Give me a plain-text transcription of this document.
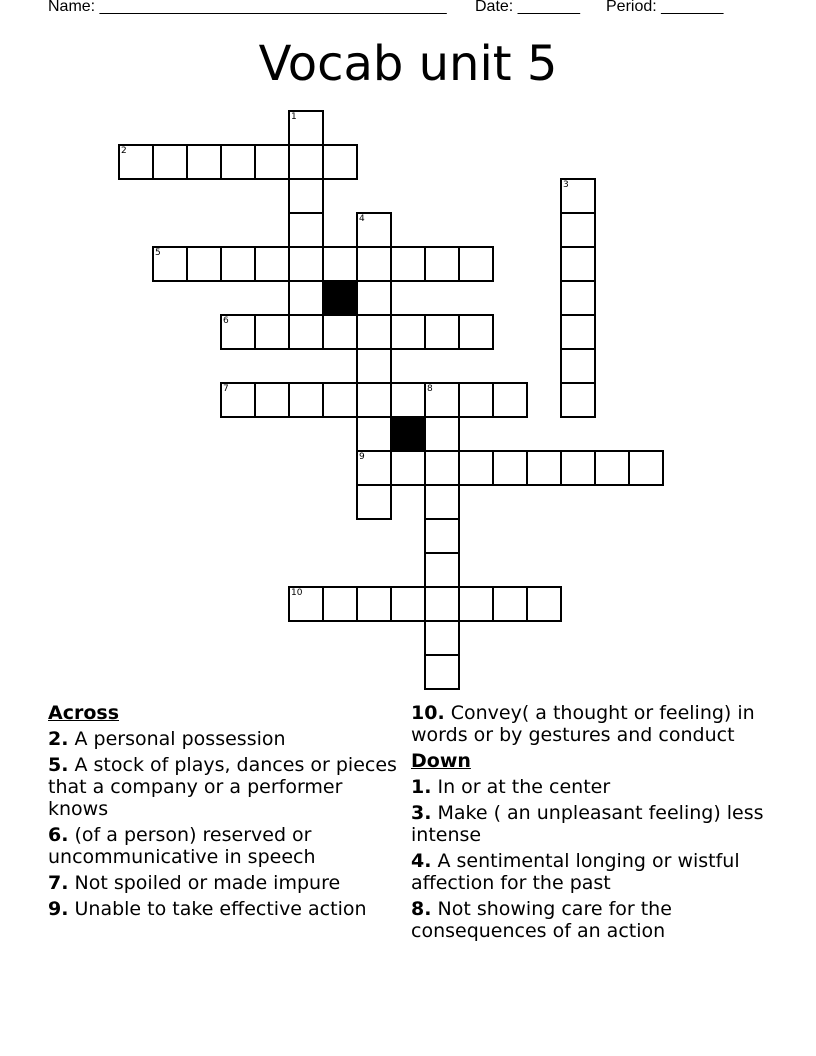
Name: _______________________________________ Date: _______ Period: _______
Vocab unit 5
1
2
3
4
5
6
7	8
9
10
Across
2. A personal possession
5. A stock of plays, dances or pieces that a company or a performer knows
6. (of a person) reserved or uncommunicative in speech
7. Not spoiled or made impure
9. Unable to take effective action
10. Convey( a thought or feeling) in words or by gestures and conduct
Down
1. In or at the center
3. Make ( an unpleasant feeling) less intense
4. A sentimental longing or wistful affection for the past
8. Not showing care for the consequences of an action
